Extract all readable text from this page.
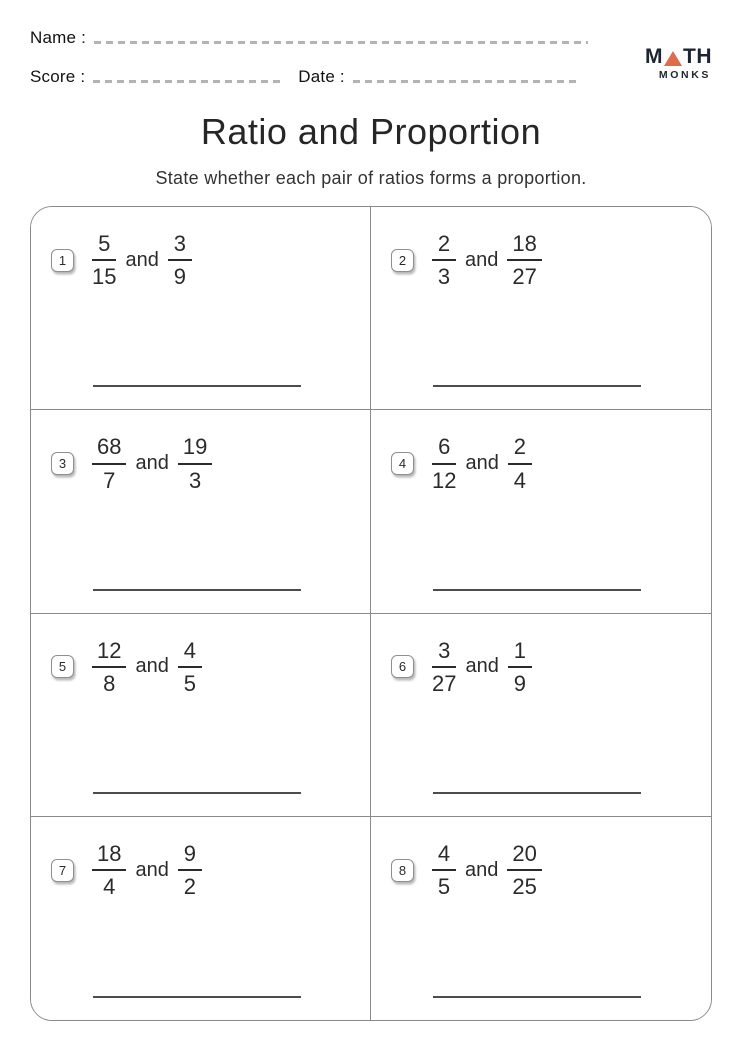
Name :
Score :	Date :
M TH
MONKS
Ratio and Proportion

State whether each pair of ratios forms a proportion.

1	$\frac{5}{15}$ and $\frac{3}{9}$	2	$\frac{2}{3}$ and $\frac{18}{27}$
3	$\frac{68}{7}$ and $\frac{19}{3}$	4	$\frac{6}{12}$ and $\frac{2}{4}$
5	$\frac{12}{8}$ and $\frac{4}{5}$	6	$\frac{3}{27}$ and $\frac{1}{9}$
7	$\frac{18}{4}$ and $\frac{9}{2}$	8	$\frac{4}{5}$ and $\frac{20}{25}$
